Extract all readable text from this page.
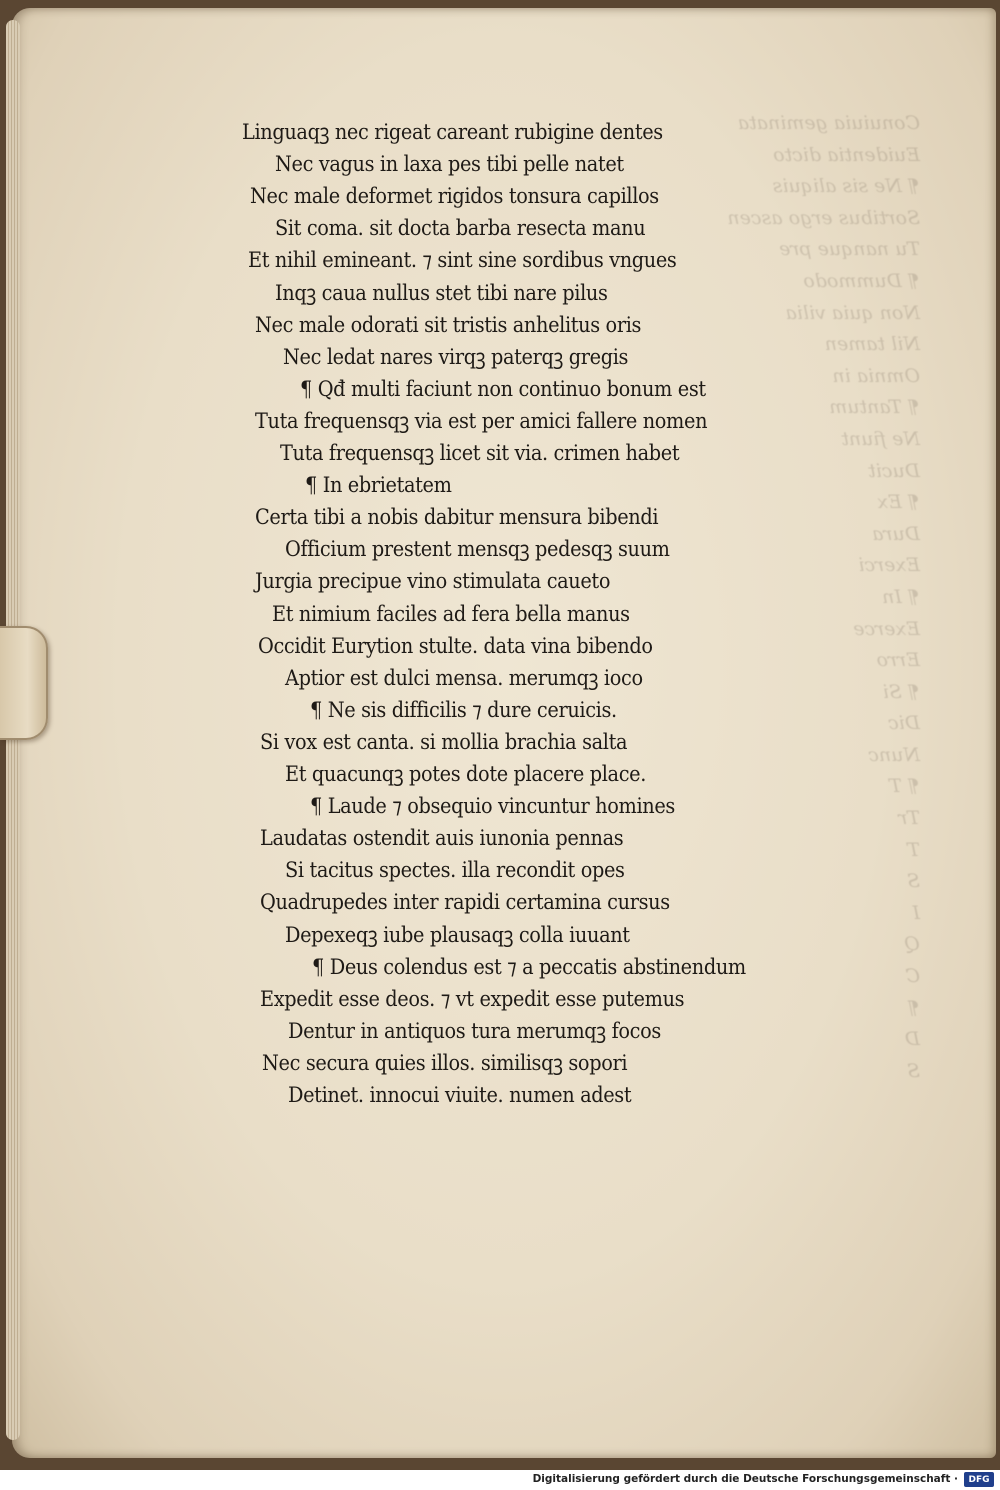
Conuiuia geminata
Euidentia dicto
¶ Ne sis aliquis
Sortibus ergo ascen
Tu nanque pre
¶ Dummodo
Non quia vilia
Nil tamen
Omnia in
¶ Tantum
Ne fiunt
Ducit
¶ Ex
Dura
Exerci
¶ In
Exerce
Erro
¶ Si
Dic
Nunc
¶ T
Tr
T
S
I
Q
C
¶
D
S
Linguaqꝫ nec rigeat careant rubigine dentes
Nec vagus in laxa pes tibi pelle natet
Nec male deformet rigidos tonsura capillos
Sit coma. sit docta barba resecta manu
Et nihil emineant. ⁊ sint sine sordibus vngues
Inqꝫ caua nullus stet tibi nare pilus
Nec male odorati sit tristis anhelitus oris
Nec ledat nares virqꝫ paterqꝫ gregis
¶ Qđ multi faciunt non continuo bonum est
Tuta frequensqꝫ via est per amici fallere nomen
Tuta frequensqꝫ licet sit via. crimen habet
¶ In ebrietatem
Certa tibi a nobis dabitur mensura bibendi
Officium prestent mensqꝫ pedesqꝫ suum
Jurgia precipue vino stimulata caueto
Et nimium faciles ad fera bella manus
Occidit Eurytion stulte. data vina bibendo
Aptior est dulci mensa. merumqꝫ ioco
¶ Ne sis difficilis ⁊ dure ceruicis.
Si vox est canta. si mollia brachia salta
Et quacunqꝫ potes dote placere place.
¶ Laude ⁊ obsequio vincuntur homines
Laudatas ostendit auis iunonia pennas
Si tacitus spectes. illa recondit opes
Quadrupedes inter rapidi certamina cursus
Depexeqꝫ iube plausaqꝫ colla iuuant
¶ Deus colendus est ⁊ a peccatis abstinendum
Expedit esse deos. ⁊ vt expedit esse putemus
Dentur in antiquos tura merumqꝫ focos
Nec secura quies illos. similisqꝫ sopori
Detinet. innocui viuite. numen adest
Digitalisierung gefördert durch die Deutsche Forschungsgemeinschaft ·	DFG
